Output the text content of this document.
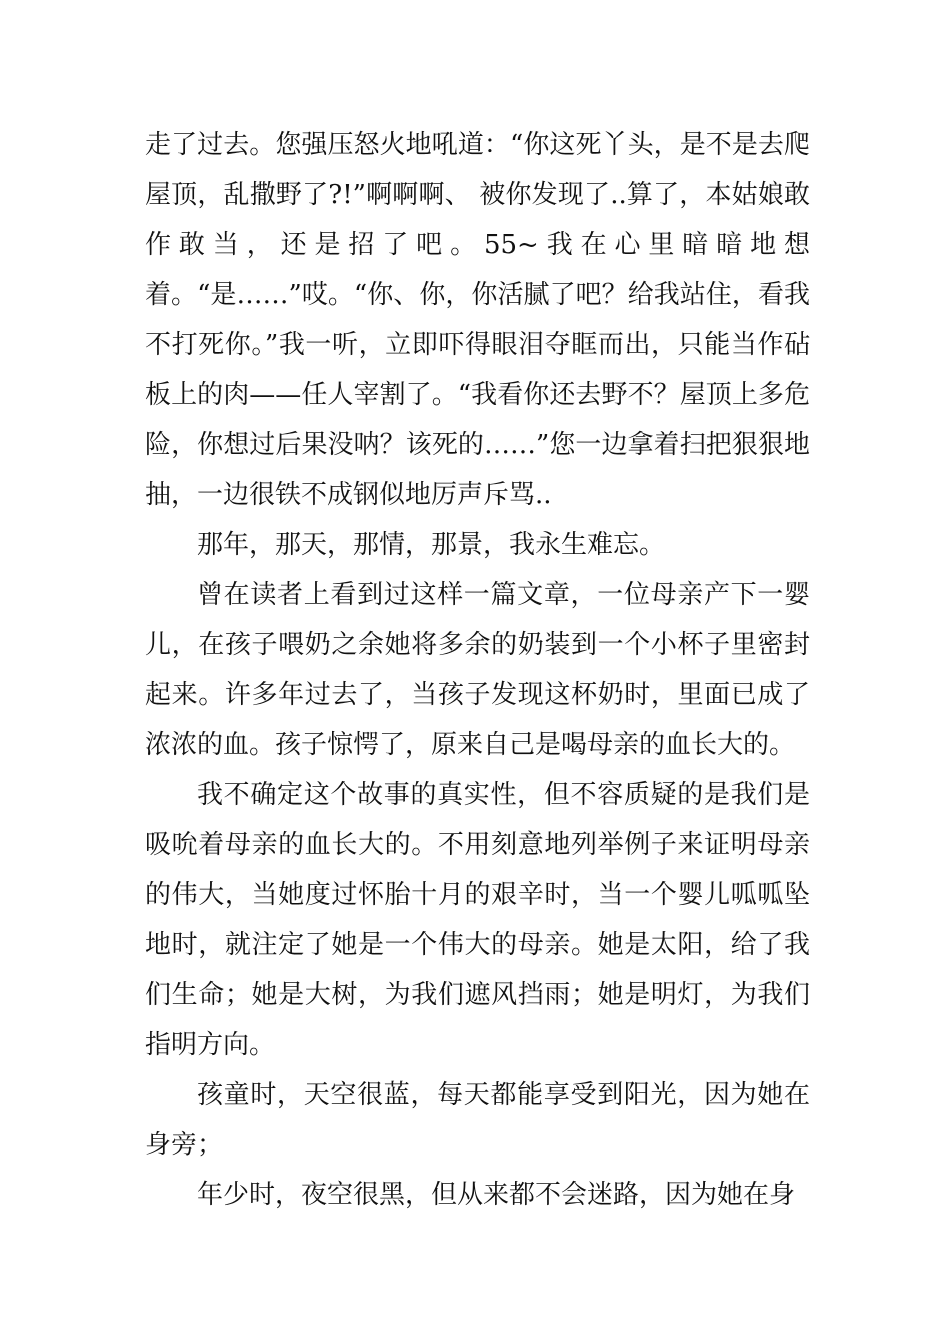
走了过去。您强压怒火地吼道：“你这死丫头，是不是去爬屋顶，乱撒野了?!”啊啊啊、 被你发现了..算了，本姑娘敢作敢当，还是招了吧。55~我在心里暗暗地想着。“是……”哎。“你、你，你活腻了吧？给我站住，看我不打死你。”我一听，立即吓得眼泪夺眶而出，只能当作砧板上的肉——任人宰割了。“我看你还去野不？屋顶上多危险，你想过后果没呐？该死的……”您一边拿着扫把狠狠地抽，一边很铁不成钢似地厉声斥骂..

那年，那天，那情，那景，我永生难忘。

曾在读者上看到过这样一篇文章，一位母亲产下一婴儿，在孩子喂奶之余她将多余的奶装到一个小杯子里密封起来。许多年过去了，当孩子发现这杯奶时，里面已成了浓浓的血。孩子惊愕了，原来自己是喝母亲的血长大的。

我不确定这个故事的真实性，但不容质疑的是我们是吸吮着母亲的血长大的。不用刻意地列举例子来证明母亲的伟大，当她度过怀胎十月的艰辛时，当一个婴儿呱呱坠地时，就注定了她是一个伟大的母亲。她是太阳，给了我们生命；她是大树，为我们遮风挡雨；她是明灯，为我们指明方向。

孩童时，天空很蓝，每天都能享受到阳光，因为她在身旁；

年少时，夜空很黑，但从来都不会迷路，因为她在身
